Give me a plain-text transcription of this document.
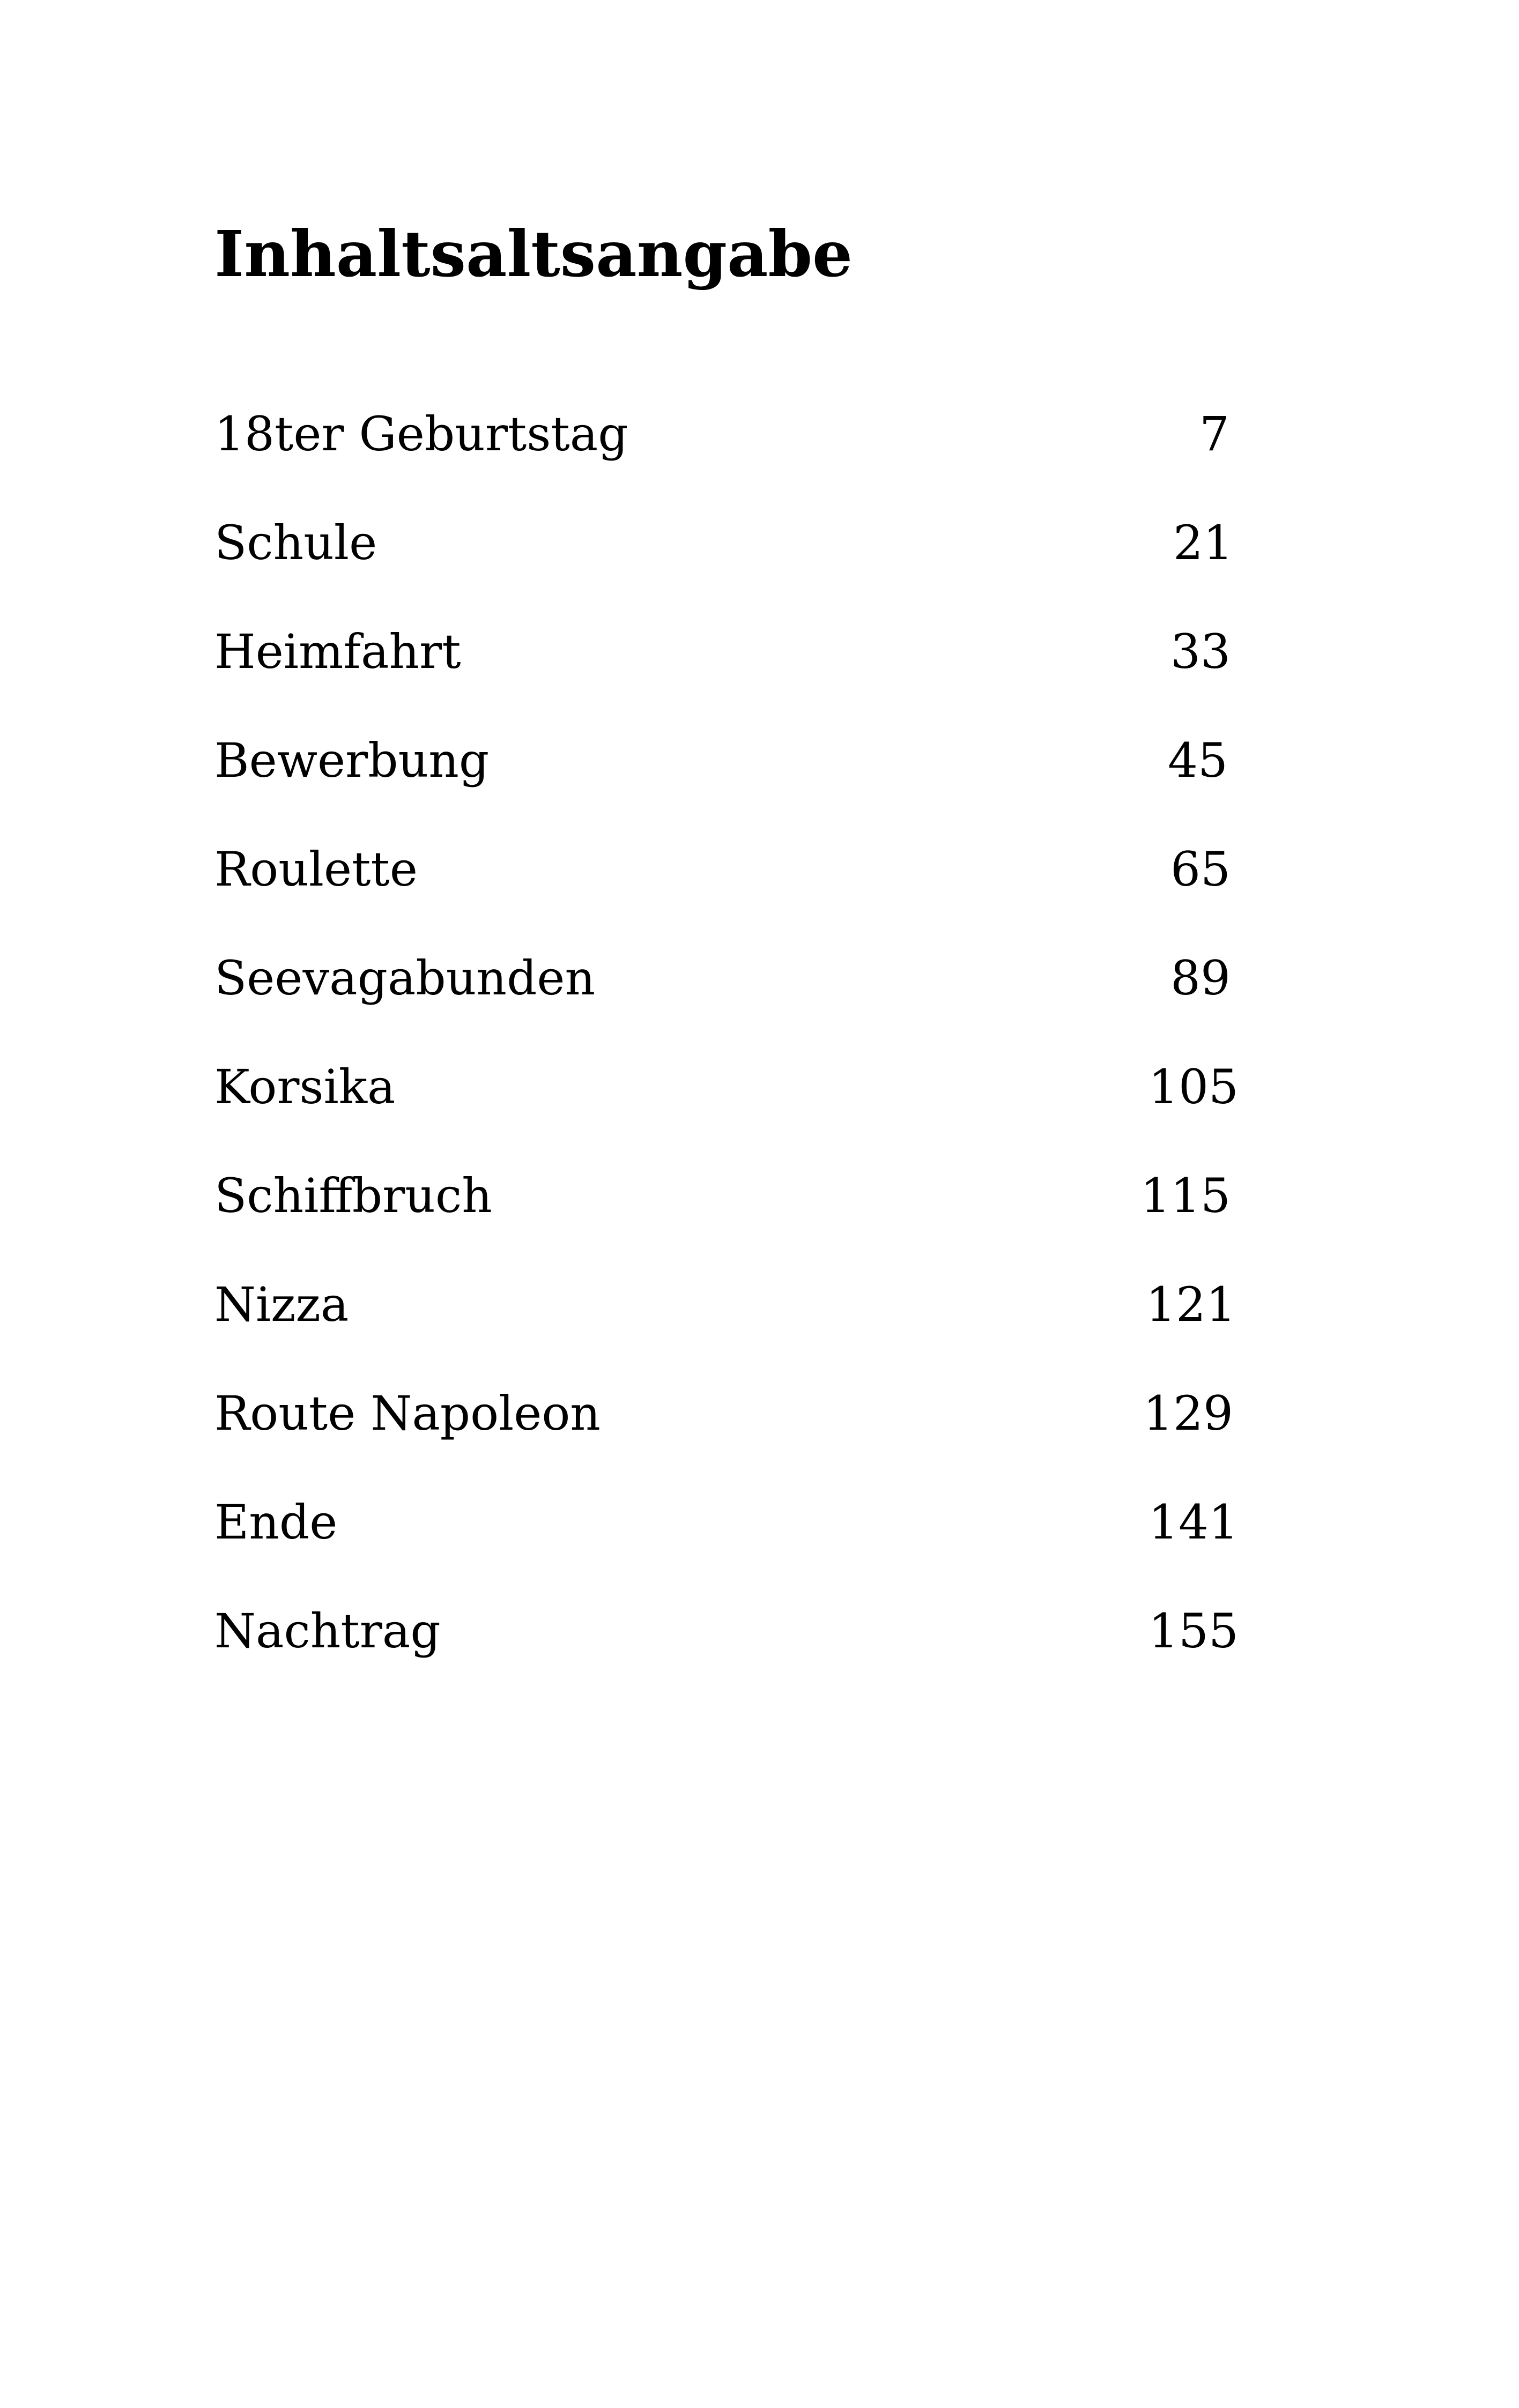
Inhaltsaltsangabe
18ter Geburtstag	7
Schule	21
Heimfahrt	33
Bewerbung	45
Roulette	65
Seevagabunden	89
Korsika	105
Schiffbruch	115
Nizza	121
Route Napoleon	129
Ende	141
Nachtrag	155
